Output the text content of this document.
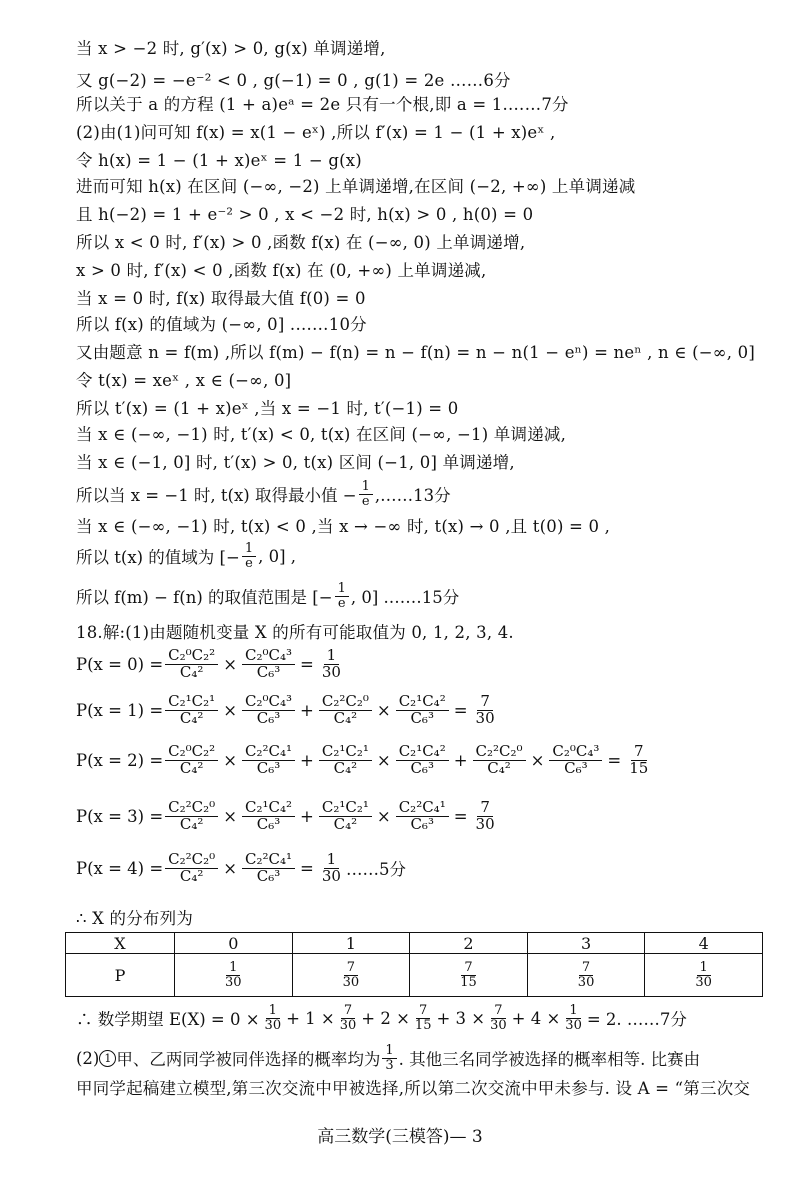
当 x > −2 时, g′(x) > 0, g(x) 单调递增,
又 g(−2) = −e⁻² < 0 , g(−1) = 0 , g(1) = 2e ……6分
所以关于 a 的方程 (1 + a)eᵃ = 2e 只有一个根,即 a = 1.……7分
(2)由(1)问可知 f(x) = x(1 − eˣ) ,所以 f′(x) = 1 − (1 + x)eˣ ,
令 h(x) = 1 − (1 + x)eˣ = 1 − g(x)
进而可知 h(x) 在区间 (−∞, −2) 上单调递增,在区间 (−2, +∞) 上单调递减
且 h(−2) = 1 + e⁻² > 0 , x < −2 时, h(x) > 0 , h(0) = 0
所以 x < 0 时, f′(x) > 0 ,函数 f(x) 在 (−∞, 0) 上单调递增,
x > 0 时, f′(x) < 0 ,函数 f(x) 在 (0, +∞) 上单调递减,
当 x = 0 时, f(x) 取得最大值 f(0) = 0
所以 f(x) 的值域为 (−∞, 0] .……10分
又由题意 n = f(m) ,所以 f(m) − f(n) = n − f(n) = n − n(1 − eⁿ) = neⁿ , n ∈ (−∞, 0]
令 t(x) = xeˣ , x ∈ (−∞, 0]
所以 t′(x) = (1 + x)eˣ ,当 x = −1 时, t′(−1) = 0
当 x ∈ (−∞, −1) 时, t′(x) < 0, t(x) 在区间 (−∞, −1) 单调递减,
当 x ∈ (−1, 0] 时, t′(x) > 0, t(x) 区间 (−1, 0] 单调递增,
所以当 x = −1 时, t(x) 取得最小值 − $\frac{1}{e}$ ,……13分
当 x ∈ (−∞, −1) 时, t(x) < 0 ,当 x → −∞ 时, t(x) → 0 ,且 t(0) = 0 ,
所以 t(x) 的值域为 [− $\frac{1}{e}$ , 0] ,
所以 f(m) − f(n) 的取值范围是 [− $\frac{1}{e}$ , 0] .……15分
18.解:(1)由题随机变量 X 的所有可能取值为 0, 1, 2, 3, 4.
$P(x = 0) = \frac{\text{C₂⁰C₂²}}{\text{C₄²}} \times \frac{\text{C₂⁰C₄³}}{\text{C₆³}} = \frac{1}{30}$
$P(x = 1) = \frac{\text{C₂¹C₂¹}}{\text{C₄²}} \times \frac{\text{C₂⁰C₄³}}{\text{C₆³}} + \frac{\text{C₂²C₂⁰}}{\text{C₄²}} \times \frac{\text{C₂¹C₄²}}{\text{C₆³}} = \frac{7}{30}$
$P(x = 2) = \frac{\text{C₂⁰C₂²}}{\text{C₄²}} \times \frac{\text{C₂²C₄¹}}{\text{C₆³}} + \frac{\text{C₂¹C₂¹}}{\text{C₄²}} \times \frac{\text{C₂¹C₄²}}{\text{C₆³}} + \frac{\text{C₂²C₂⁰}}{\text{C₄²}} \times \frac{\text{C₂⁰C₄³}}{\text{C₆³}} = \frac{7}{15}$
$P(x = 3) = \frac{\text{C₂²C₂⁰}}{\text{C₄²}} \times \frac{\text{C₂¹C₄²}}{\text{C₆³}} + \frac{\text{C₂¹C₂¹}}{\text{C₄²}} \times \frac{\text{C₂²C₄¹}}{\text{C₆³}} = \frac{7}{30}$
$P(x = 4) = \frac{\text{C₂²C₂⁰}}{\text{C₄²}} \times \frac{\text{C₂²C₄¹}}{\text{C₆³}} = \frac{1}{30}$ ……5分
∴ X 的分布列为
X	0	1	2	3	4
P	$\frac{1}{30}$	$\frac{7}{30}$	$\frac{7}{15}$	$\frac{7}{30}$	$\frac{1}{30}$
∴ 数学期望 $E(X) = 0 \times \frac{1}{30} + 1 \times \frac{7}{30} + 2 \times \frac{7}{15} + 3 \times \frac{7}{30} + 4 \times \frac{1}{30} = 2$. ……7分
(2) 1 甲、乙两同学被同伴选择的概率均为 $\frac{1}{3}$ . 其他三名同学被选择的概率相等. 比赛由
甲同学起稿建立模型,第三次交流中甲被选择,所以第二次交流中甲未参与. 设 A = “第三次交
高三数学(三模答)— 3
